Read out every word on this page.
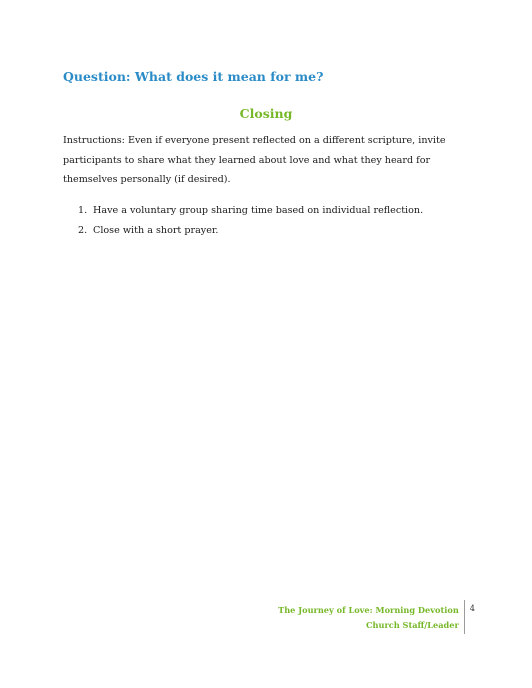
Question: What does it mean for me?
Closing
Instructions: Even if everyone present reflected on a different scripture, invite participants to share what they learned about love and what they heard for themselves personally (if desired).
1. Have a voluntary group sharing time based on individual reflection.
2. Close with a short prayer.
The Journey of Love: Morning Devotion
Church Staff/Leader
4
